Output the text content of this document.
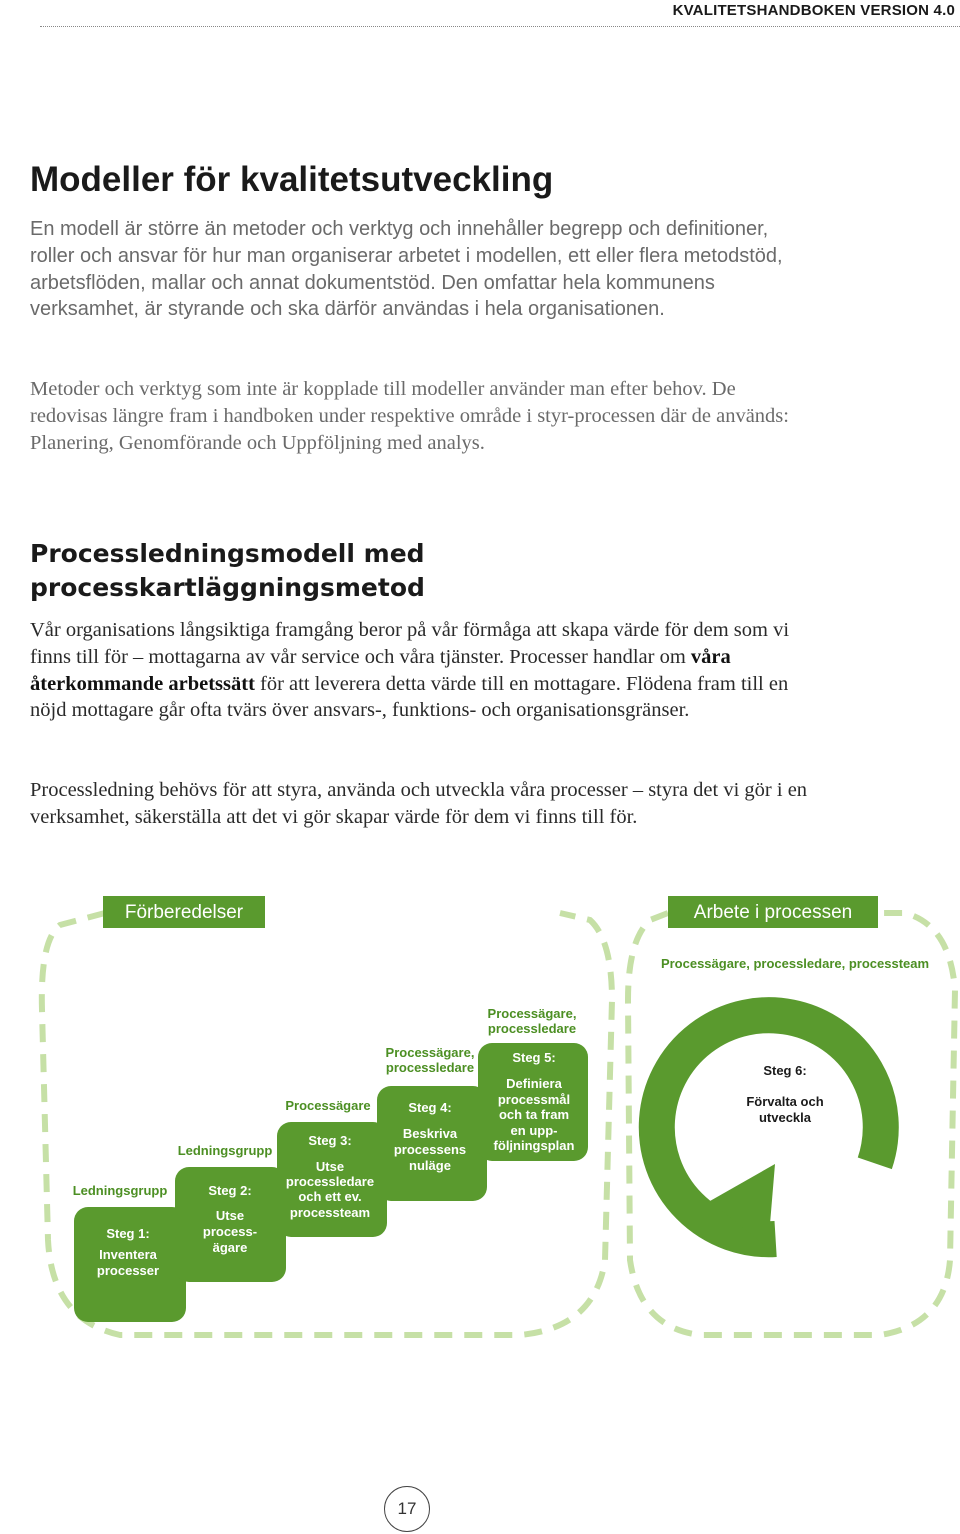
KVALITETSHANDBOKEN VERSION 4.0
Modeller för kvalitetsutveckling

En modell är större än metoder och verktyg och innehåller begrepp och definitioner, roller och ansvar för hur man organiserar arbetet i modellen, ett eller flera metodstöd, arbetsflöden, mallar och annat dokumentstöd. Den omfattar hela kommunens verksamhet, är styrande och ska därför användas i hela organisationen.

Metoder och verktyg som inte är kopplade till modeller använder man efter behov. De redovisas längre fram i handboken under respektive område i styr-processen där de används: Planering, Genomförande och Uppföljning med analys.

Processledningsmodell med processkartläggningsmetod

Vår organisations långsiktiga framgång beror på vår förmåga att skapa värde för dem som vi finns till för – mottagarna av vår service och våra tjänster. Processer handlar om våra återkommande arbetssätt för att leverera detta värde till en mottagare. Flödena fram till en nöjd mottagare går ofta tvärs över ansvars-, funktions- och organisationsgränser.

Processledning behövs för att styra, använda och utveckla våra processer – styra det vi gör i en verksamhet, säkerställa att det vi gör skapar värde för dem vi finns till för.

Förberedelser	Arbete i processen
Processägare, processledare, processteam
Ledningsgrupp
Steg 1:
Inventera
processer
Ledningsgrupp
Steg 2:
Utse
process-
ägare
Processägare
Steg 3:
Utse
processledare
och ett ev.
processteam
Processägare,
processledare
Steg 4:
Beskriva
processens
nuläge
Processägare,
processledare
Steg 5:
Definiera
processmål
och ta fram
en upp-
följningsplan
Steg 6:
Förvalta och
utveckla
17
